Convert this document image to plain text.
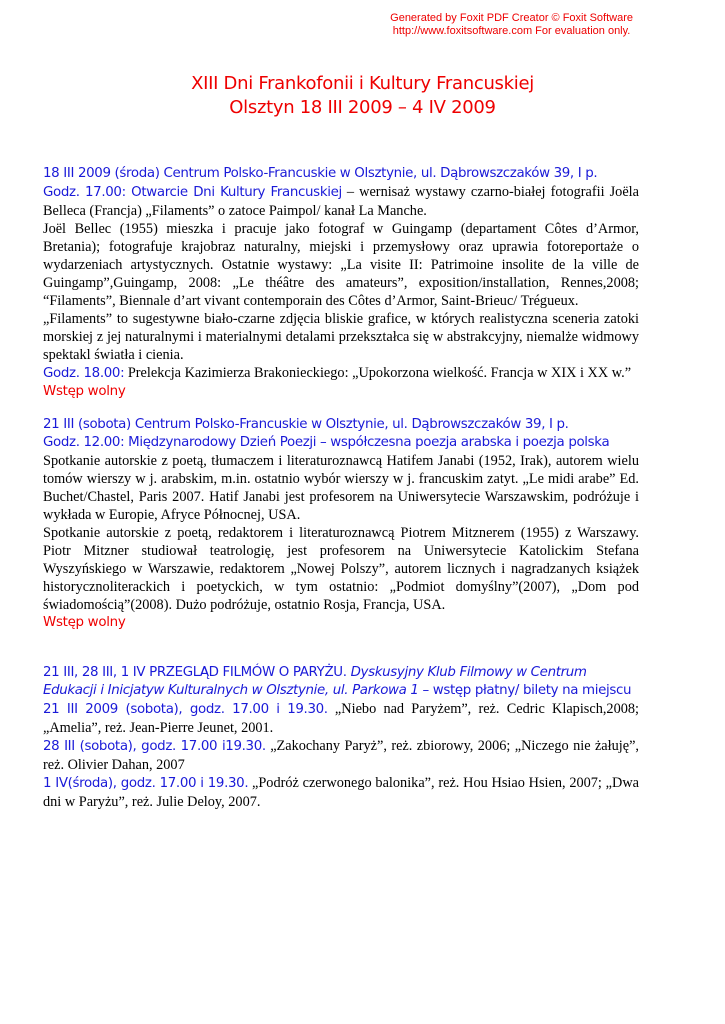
Generated by Foxit PDF Creator © Foxit Software
http://www.foxitsoftware.com For evaluation only.
XIII Dni Frankofonii i Kultury Francuskiej
Olsztyn 18 III 2009 – 4 IV 2009
18 III 2009 (środa) Centrum Polsko-Francuskie w Olsztynie, ul. Dąbrowszczaków 39, I p.
Godz. 17.00: Otwarcie Dni Kultury Francuskiej – wernisaż wystawy czarno-białej fotografii Joëla Belleca (Francja) „Filaments” o zatoce Paimpol/ kanał La Manche.
Joël Bellec (1955) mieszka i pracuje jako fotograf w Guingamp (departament Côtes d’Armor, Bretania); fotografuje krajobraz naturalny, miejski i przemysłowy oraz uprawia fotoreportaże o wydarzeniach artystycznych. Ostatnie wystawy: „La visite II: Patrimoine insolite de la ville de Guingamp”,Guingamp, 2008: „Le théâtre des amateurs”, exposition/installation, Rennes,2008; “Filaments”, Biennale d’art vivant contemporain des Côtes d’Armor, Saint-Brieuc/ Trégueux.
„Filaments” to sugestywne biało-czarne zdjęcia bliskie grafice, w których realistyczna sceneria zatoki morskiej z jej naturalnymi i materialnymi detalami przekształca się w abstrakcyjny, niemalże widmowy spektakl światła i cienia.
Godz. 18.00: Prelekcja Kazimierza Brakonieckiego: „Upokorzona wielkość. Francja w XIX i XX w.”
Wstęp wolny
21 III (sobota) Centrum Polsko-Francuskie w Olsztynie, ul. Dąbrowszczaków 39, I p.
Godz. 12.00: Międzynarodowy Dzień Poezji – współczesna poezja arabska i poezja polska
Spotkanie autorskie z poetą, tłumaczem i literaturoznawcą Hatifem Janabi (1952, Irak), autorem wielu tomów wierszy w j. arabskim, m.in. ostatnio wybór wierszy w j. francuskim zatyt. „Le midi arabe” Ed. Buchet/Chastel, Paris 2007. Hatif Janabi jest profesorem na Uniwersytecie Warszawskim, podróżuje i wykłada w Europie, Afryce Północnej, USA.
Spotkanie autorskie z poetą, redaktorem i literaturoznawcą Piotrem Mitznerem (1955) z Warszawy. Piotr Mitzner studiował teatrologię, jest profesorem na Uniwersytecie Katolickim Stefana Wyszyńskiego w Warszawie, redaktorem „Nowej Polszy”, autorem licznych i nagradzanych książek historycznoliterackich i poetyckich, w tym ostatnio: „Podmiot domyślny”(2007), „Dom pod świadomością”(2008). Dużo podróżuje, ostatnio Rosja, Francja, USA.
Wstęp wolny
21 III, 28 III, 1 IV PRZEGLĄD FILMÓW O PARYŻU. Dyskusyjny Klub Filmowy w Centrum Edukacji i Inicjatyw Kulturalnych w Olsztynie, ul. Parkowa 1 – wstęp płatny/ bilety na miejscu
21 III 2009 (sobota), godz. 17.00 i 19.30. „Niebo nad Paryżem”, reż. Cedric Klapisch,2008; „Amelia”, reż. Jean-Pierre Jeunet, 2001.
28 III (sobota), godz. 17.00 i19.30. „Zakochany Paryż”, reż. zbiorowy, 2006; „Niczego nie żałuję”, reż. Olivier Dahan, 2007
1 IV(środa), godz. 17.00 i 19.30. „Podróż czerwonego balonika”, reż. Hou Hsiao Hsien, 2007; „Dwa dni w Paryżu”, reż. Julie Deloy, 2007.
